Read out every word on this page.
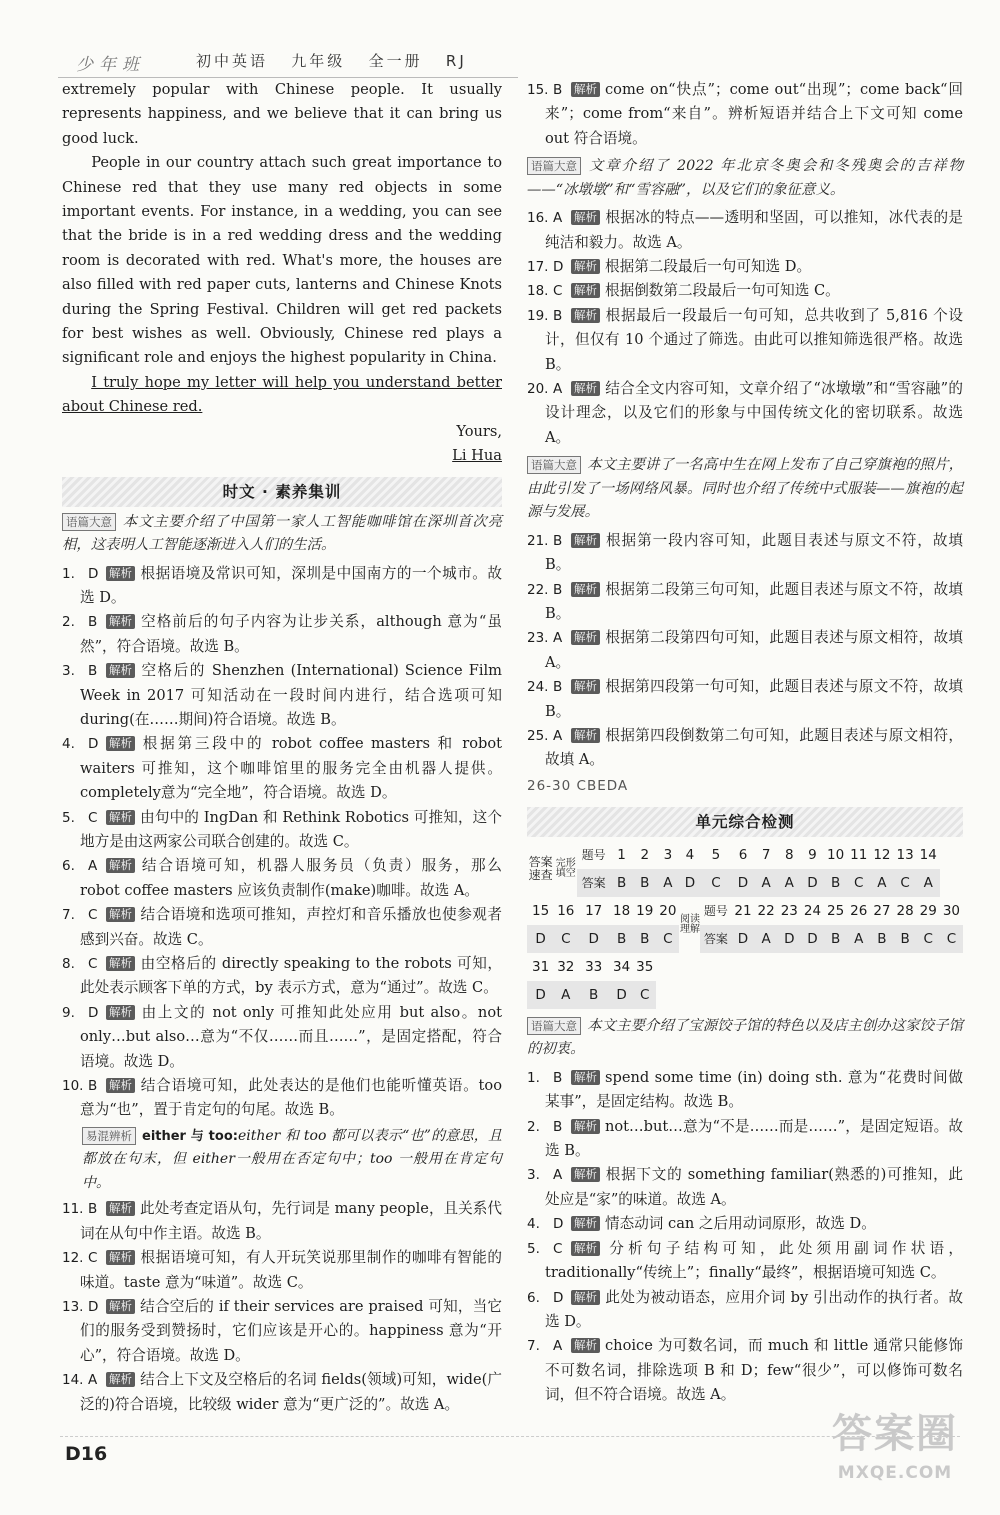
少年班	初中英语   九年级   全一册   RJ
extremely popular with Chinese people. It usually represents happiness, and we believe that it can bring us good luck.
People in our country attach such great importance to Chinese red that they use many red objects in some important events. For instance, in a wedding, you can see that the bride is in a red wedding dress and the wedding room is decorated with red. What's more, the houses are also filled with red paper cuts, lanterns and Chinese Knots during the Spring Festival. Children will get red packets for best wishes as well. Obviously, Chinese red plays a significant role and enjoys the highest popularity in China.
I truly hope my letter will help you understand better about Chinese red.
Yours,
Li Hua
时文 · 素养集训
语篇大意 本文主要介绍了中国第一家人工智能咖啡馆在深圳首次亮相，这表明人工智能逐渐进入人们的生活。
1. D 解析 根据语境及常识可知，深圳是中国南方的一个城市。故选 D。
2. B 解析 空格前后的句子内容为让步关系，although 意为“虽然”，符合语境。故选 B。
3. B 解析 空格后的 Shenzhen (International) Science Film Week in 2017 可知活动在一段时间内进行，结合选项可知 during(在……期间)符合语境。故选 B。
4. D 解析 根据第三段中的 robot coffee masters 和 robot waiters 可推知，这个咖啡馆里的服务完全由机器人提供。completely意为“完全地”，符合语境。故选 D。
5. C 解析 由句中的 IngDan 和 Rethink Robotics 可推知，这个地方是由这两家公司联合创建的。故选 C。
6. A 解析 结合语境可知，机器人服务员（负责）服务，那么 robot coffee masters 应该负责制作(make)咖啡。故选 A。
7. C 解析 结合语境和选项可推知，声控灯和音乐播放也使参观者感到兴奋。故选 C。
8. C 解析 由空格后的 directly speaking to the robots 可知，此处表示顾客下单的方式，by 表示方式，意为“通过”。故选 C。
9. D 解析 由上文的 not only 可推知此处应用 but also。not only…but also…意为“不仅……而且……”，是固定搭配，符合语境。故选 D。
10. B 解析 结合语境可知，此处表达的是他们也能听懂英语。too 意为“也”，置于肯定句的句尾。故选 B。
易混辨析 either 与 too:either 和 too 都可以表示“也”的意思，且都放在句末，但 either一般用在否定句中；too 一般用在肯定句中。
11. B 解析 此处考查定语从句，先行词是 many people，且关系代词在从句中作主语。故选 B。
12. C 解析 根据语境可知，有人开玩笑说那里制作的咖啡有智能的味道。taste 意为“味道”。故选 C。
13. D 解析 结合空后的 if their services are praised 可知，当它们的服务受到赞扬时，它们应该是开心的。happiness 意为“开心”，符合语境。故选 D。
14. A 解析 结合上下文及空格后的名词 fields(领域)可知，wide(广泛的)符合语境，比较级 wider 意为“更广泛的”。故选 A。
15. B 解析 come on“快点”；come out“出现”；come back“回来”；come from“来自”。辨析短语并结合上下文可知 come out 符合语境。
语篇大意 文章介绍了 2022 年北京冬奥会和冬残奥会的吉祥物——“冰墩墩”和“雪容融”，以及它们的象征意义。
16. A 解析 根据冰的特点——透明和坚固，可以推知，冰代表的是纯洁和毅力。故选 A。
17. D 解析 根据第二段最后一句可知选 D。
18. C 解析 根据倒数第二段最后一句可知选 C。
19. B 解析 根据最后一段最后一句可知，总共收到了 5,816 个设计，但仅有 10 个通过了筛选。由此可以推知筛选很严格。故选 B。
20. A 解析 结合全文内容可知，文章介绍了“冰墩墩”和“雪容融”的设计理念，以及它们的形象与中国传统文化的密切联系。故选 A。
语篇大意 本文主要讲了一名高中生在网上发布了自己穿旗袍的照片，由此引发了一场网络风暴。同时也介绍了传统中式服装——旗袍的起源与发展。
21. B 解析 根据第一段内容可知，此题目表述与原文不符，故填 B。
22. B 解析 根据第二段第三句可知，此题目表述与原文不符，故填 B。
23. A 解析 根据第二段第四句可知，此题目表述与原文相符，故填 A。
24. B 解析 根据第四段第一句可知，此题目表述与原文不符，故填 B。
25. A 解析 根据第四段倒数第二句可知，此题目表述与原文相符，故填 A。
26-30 CBEDA
单元综合检测
答案速查	完形填空	题号	1	2	3	4	5	6	7	8	9	10	11	12	13	14	
		答案	B	B	A	D	C	D	A	A	D	B	C	A	C	A	
15	16	17	18	19	20	阅读理解	题号	21	22	23	24	25	26	27	28	29	30
D	C	D	B	B	C		答案	D	A	D	D	B	A	B	B	C	C
31	32	33	34	35													
D	A	B	D	C													
语篇大意 本文主要介绍了宝源饺子馆的特色以及店主创办这家饺子馆的初衷。
1. B 解析 spend some time (in) doing sth. 意为“花费时间做某事”，是固定结构。故选 B。
2. B 解析 not…but…意为“不是……而是……”，是固定短语。故选 B。
3. A 解析 根据下文的 something familiar(熟悉的)可推知，此处应是“家”的味道。故选 A。
4. D 解析 情态动词 can 之后用动词原形，故选 D。
5. C 解析 分析句子结构可知，此处须用副词作状语，traditionally“传统上”；finally“最终”，根据语境可知选 C。
6. D 解析 此处为被动语态，应用介词 by 引出动作的执行者。故选 D。
7. A 解析 choice 为可数名词，而 much 和 little 通常只能修饰不可数名词，排除选项 B 和 D；few“很少”，可以修饰可数名词，但不符合语境。故选 A。
D16	答案圈
MXQE.COM
